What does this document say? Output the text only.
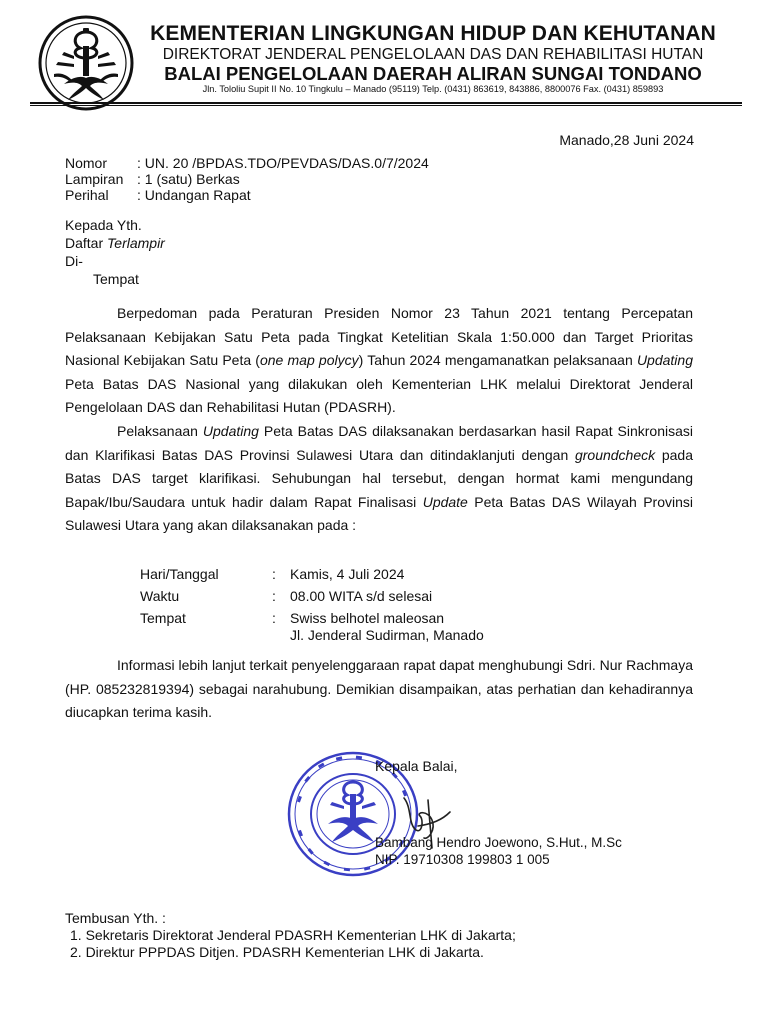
KEMENTERIAN LINGKUNGAN HIDUP DAN KEHUTANAN
DIREKTORAT JENDERAL PENGELOLAAN DAS DAN REHABILITASI HUTAN
BALAI PENGELOLAAN DAERAH ALIRAN SUNGAI TONDANO
Jln. Tololiu Supit II No. 10 Tingkulu – Manado (95119) Telp. (0431) 863619, 843886, 8800076 Fax. (0431) 859893
Manado,28 Juni 2024
Nomor : UN. 20 /BPDAS.TDO/PEVDAS/DAS.0/7/2024
Lampiran : 1 (satu) Berkas
Perihal : Undangan Rapat
Kepada Yth.
Daftar Terlampir
Di-
Tempat
Berpedoman pada Peraturan Presiden Nomor 23 Tahun 2021 tentang Percepatan Pelaksanaan Kebijakan Satu Peta pada Tingkat Ketelitian Skala 1:50.000 dan Target Prioritas Nasional Kebijakan Satu Peta (one map polycy) Tahun 2024 mengamanatkan pelaksanaan Updating Peta Batas DAS Nasional yang dilakukan oleh Kementerian LHK melalui Direktorat Jenderal Pengelolaan DAS dan Rehabilitasi Hutan (PDASRH).
Pelaksanaan Updating Peta Batas DAS dilaksanakan berdasarkan hasil Rapat Sinkronisasi dan Klarifikasi Batas DAS Provinsi Sulawesi Utara dan ditindaklanjuti dengan groundcheck pada Batas DAS target klarifikasi. Sehubungan hal tersebut, dengan hormat kami mengundang Bapak/Ibu/Saudara untuk hadir dalam Rapat Finalisasi Update Peta Batas DAS Wilayah Provinsi Sulawesi Utara yang akan dilaksanakan pada :
Hari/Tanggal	: Kamis, 4 Juli 2024
Waktu	: 08.00 WITA s/d selesai
Tempat	: Swiss belhotel maleosan
Jl. Jenderal Sudirman, Manado
Informasi lebih lanjut terkait penyelenggaraan rapat dapat menghubungi Sdri. Nur Rachmaya (HP. 085232819394) sebagai narahubung. Demikian disampaikan, atas perhatian dan kehadirannya diucapkan terima kasih.
Kepala Balai,
Bambang Hendro Joewono, S.Hut., M.Sc
NIP. 19710308 199803 1 005
Tembusan Yth. :
1. Sekretaris Direktorat Jenderal PDASRH Kementerian LHK di Jakarta;
2. Direktur PPPDAS Ditjen. PDASRH Kementerian LHK di Jakarta.
